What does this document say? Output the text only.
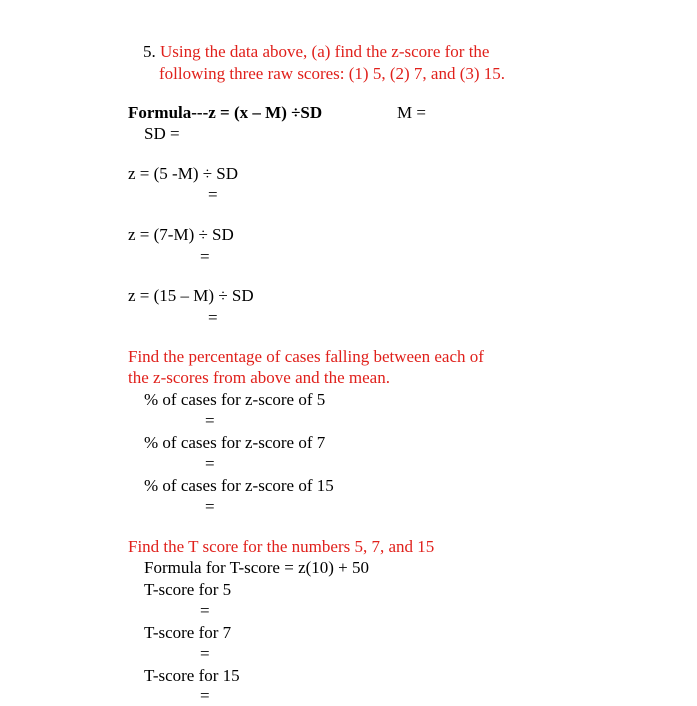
5. Using the data above, (a) find the z-score for the
following three raw scores: (1) 5, (2) 7, and (3) 15.
Formula---z = (x – M) ÷SD	M =
SD =
z = (5 -M) ÷ SD
=
z = (7-M) ÷ SD
=
z = (15 – M) ÷ SD
=
Find the percentage of cases falling between each of
the z-scores from above and the mean.
% of cases for z-score of 5
=
% of cases for z-score of 7
=
% of cases for z-score of 15
=
Find the T score for the numbers 5, 7, and 15
Formula for T-score = z(10) + 50
T-score for 5
=
T-score for 7
=
T-score for 15
=
